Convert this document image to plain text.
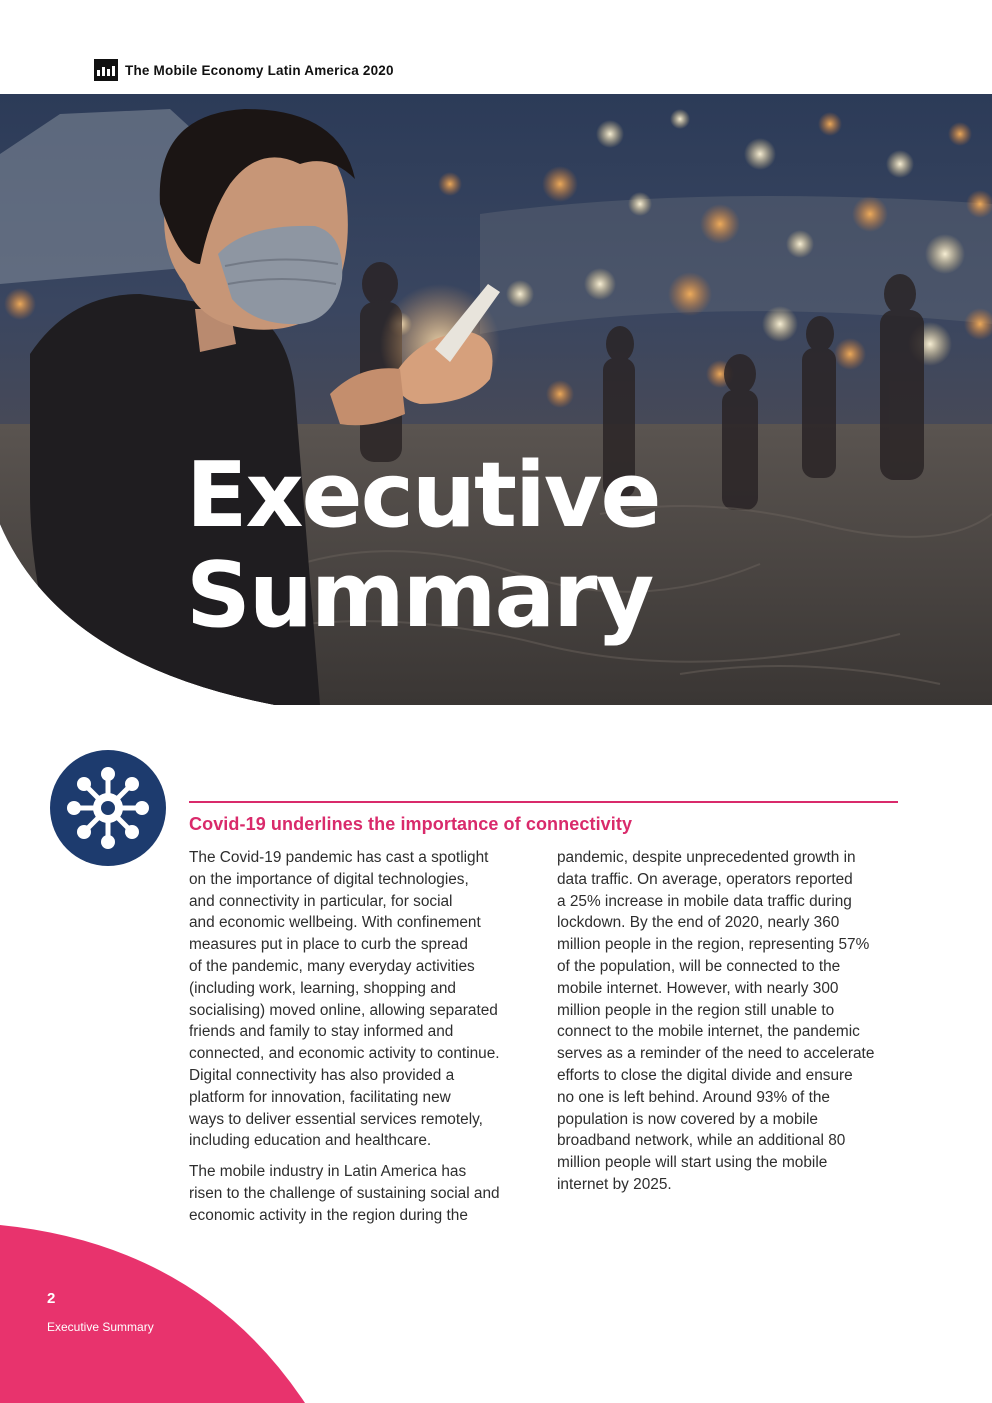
The Mobile Economy Latin America 2020
Executive
Summary
Covid-19 underlines the importance of connectivity

The Covid-19 pandemic has cast a spotlight
on the importance of digital technologies,
and connectivity in particular, for social
and economic wellbeing. With confinement
measures put in place to curb the spread
of the pandemic, many everyday activities
(including work, learning, shopping and
socialising) moved online, allowing separated
friends and family to stay informed and
connected, and economic activity to continue.
Digital connectivity has also provided a
platform for innovation, facilitating new
ways to deliver essential services remotely,
including education and healthcare.

The mobile industry in Latin America has
risen to the challenge of sustaining social and
economic activity in the region during the

pandemic, despite unprecedented growth in
data traffic. On average, operators reported
a 25% increase in mobile data traffic during
lockdown. By the end of 2020, nearly 360
million people in the region, representing 57%
of the population, will be connected to the
mobile internet. However, with nearly 300
million people in the region still unable to
connect to the mobile internet, the pandemic
serves as a reminder of the need to accelerate
efforts to close the digital divide and ensure
no one is left behind. Around 93% of the
population is now covered by a mobile
broadband network, while an additional 80
million people will start using the mobile
internet by 2025.

2
Executive Summary
